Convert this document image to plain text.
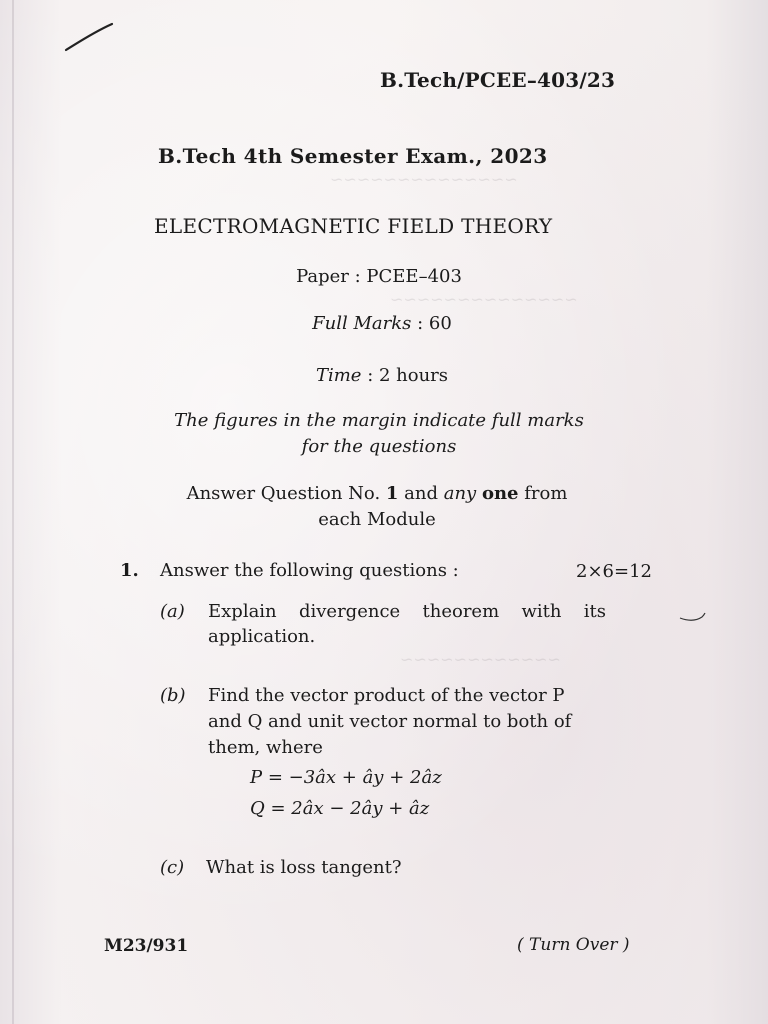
~~~~~~~~~~~~~~
~~~~~~~~~~~~~~
~~~~~~~~~~~~
B.Tech/PCEE–403/23
B.Tech 4th Semester Exam., 2023
ELECTROMAGNETIC FIELD THEORY
Paper : PCEE–403
Full Marks : 60
Time : 2 hours
The figures in the margin indicate full marks
for the questions
Answer Question No. 1 and any one from
each Module
1. Answer the following questions :	2×6=12
(a) Explain divergence theorem with its
application.
(b) Find the vector product of the vector P
and Q and unit vector normal to both of
them, where
P = −3âx + ây + 2âz
Q = 2âx − 2ây + âz
(c) What is loss tangent?
M23/931	( Turn Over )
